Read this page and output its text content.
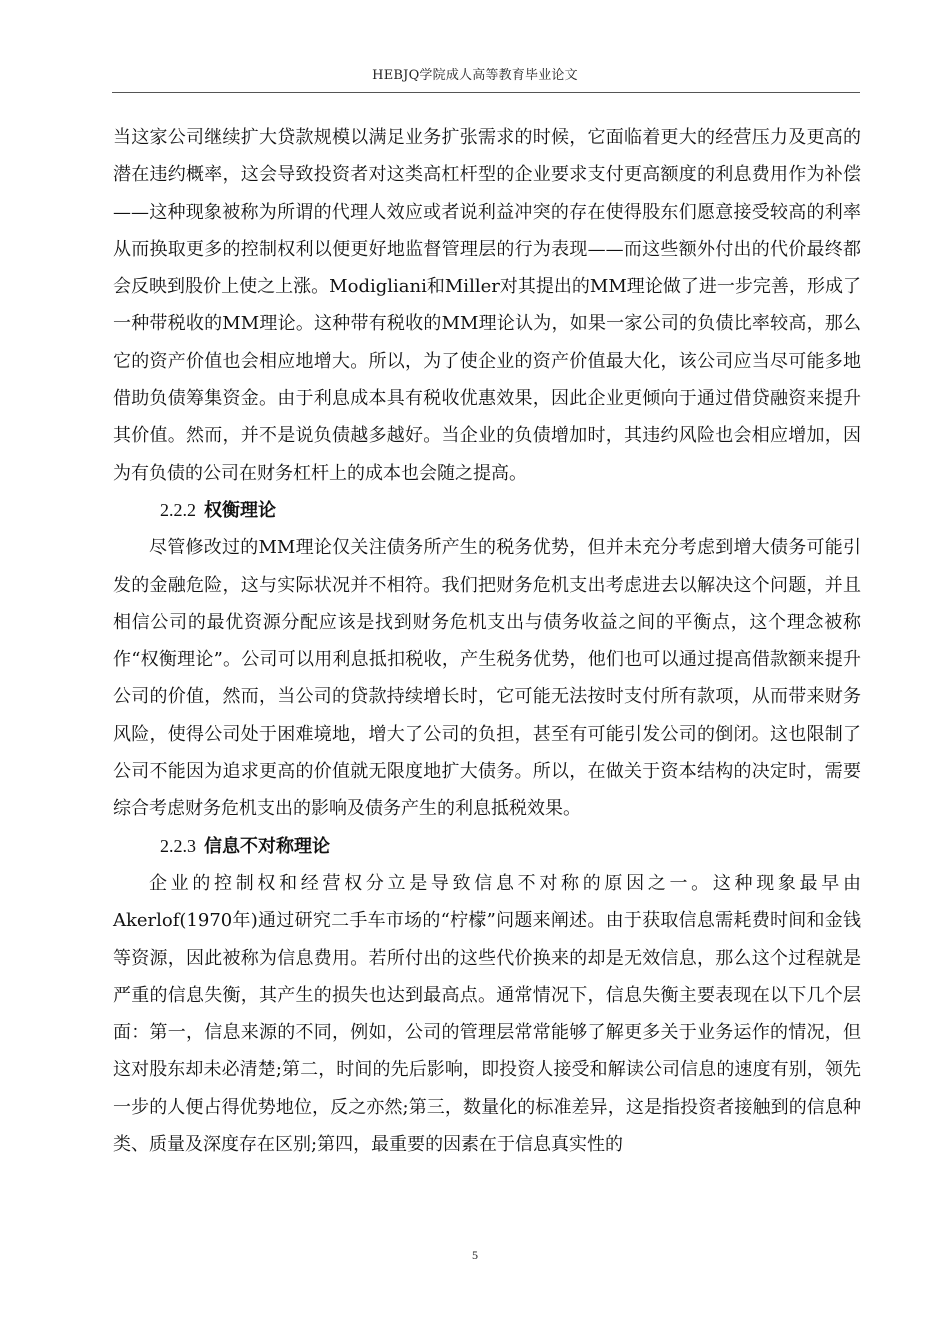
HEBJQ学院成人高等教育毕业论文

当这家公司继续扩大贷款规模以满足业务扩张需求的时候，它面临着更大的经营压力及更高的潜在违约概率，这会导致投资者对这类高杠杆型的企业要求支付更高额度的利息费用作为补偿——这种现象被称为所谓的代理人效应或者说利益冲突的存在使得股东们愿意接受较高的利率从而换取更多的控制权利以便更好地监督管理层的行为表现——而这些额外付出的代价最终都会反映到股价上使之上涨。Modigliani和Miller对其提出的MM理论做了进一步完善，形成了一种带税收的MM理论。这种带有税收的MM理论认为，如果一家公司的负债比率较高，那么它的资产价值也会相应地增大。所以，为了使企业的资产价值最大化，该公司应当尽可能多地借助负债筹集资金。由于利息成本具有税收优惠效果，因此企业更倾向于通过借贷融资来提升其价值。然而，并不是说负债越多越好。当企业的负债增加时，其违约风险也会相应增加，因为有负债的公司在财务杠杆上的成本也会随之提高。

2.2.2 权衡理论

尽管修改过的MM理论仅关注债务所产生的税务优势，但并未充分考虑到增大债务可能引发的金融危险，这与实际状况并不相符。我们把财务危机支出考虑进去以解决这个问题，并且相信公司的最优资源分配应该是找到财务危机支出与债务收益之间的平衡点，这个理念被称作“权衡理论”。公司可以用利息抵扣税收，产生税务优势，他们也可以通过提高借款额来提升公司的价值，然而，当公司的贷款持续增长时，它可能无法按时支付所有款项，从而带来财务风险，使得公司处于困难境地，增大了公司的负担，甚至有可能引发公司的倒闭。这也限制了公司不能因为追求更高的价值就无限度地扩大债务。所以，在做关于资本结构的决定时，需要综合考虑财务危机支出的影响及债务产生的利息抵税效果。

2.2.3 信息不对称理论

企业的控制权和经营权分立是导致信息不对称的原因之一。这种现象最早由Akerlof(1970年)通过研究二手车市场的“柠檬”问题来阐述。由于获取信息需耗费时间和金钱等资源，因此被称为信息费用。若所付出的这些代价换来的却是无效信息，那么这个过程就是严重的信息失衡，其产生的损失也达到最高点。通常情况下，信息失衡主要表现在以下几个层面：第一，信息来源的不同，例如，公司的管理层常常能够了解更多关于业务运作的情况，但这对股东却未必清楚;第二，时间的先后影响，即投资人接受和解读公司信息的速度有别，领先一步的人便占得优势地位，反之亦然;第三，数量化的标准差异，这是指投资者接触到的信息种类、质量及深度存在区别;第四，最重要的因素在于信息真实性的

5
